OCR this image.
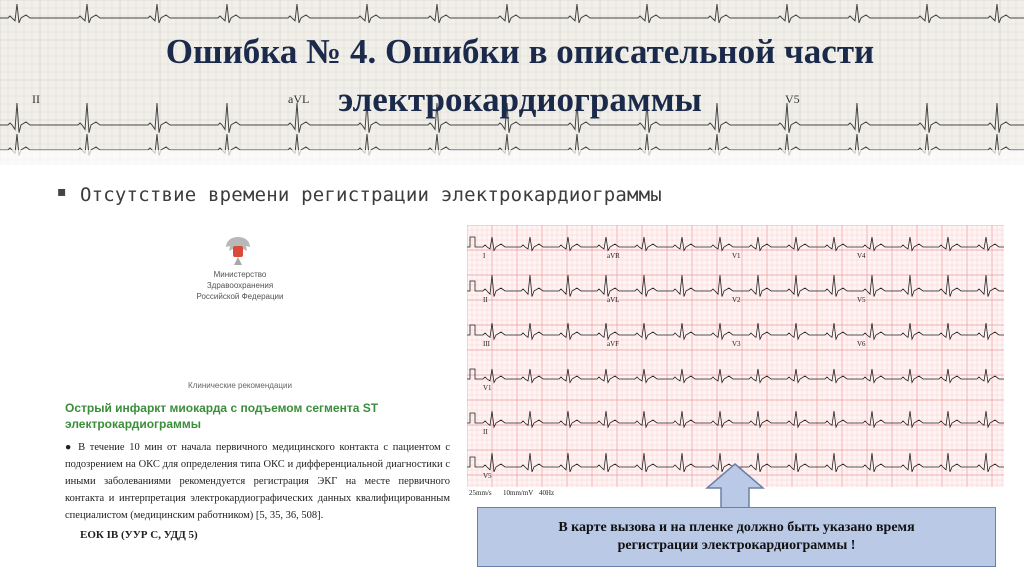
II	aVL	V5
Ошибка № 4. Ошибки в описательной части
электрокардиограммы
▪ Отсутствие времени регистрации электрокардиограммы
Министерство
Здравоохранения
Российской Федерации
Клинические рекомендации
Острый инфаркт миокарда с подъемом сегмента ST электрокардиограммы
● В течение 10 мин от начала первичного медицинского контакта с пациентом с подозрением на ОКС для определения типа ОКС и дифференциальной диагностики с иными заболеваниями рекомендуется регистрация ЭКГ на месте первичного контакта и интерпретация электрокардиографических данных квалифицированным специалистом (медицинским работником) [5, 35, 36, 508].
ЕОК IB (УУР С, УДД 5)
I	aVR	V1	V4
II	aVL	V2	V5
III	aVF	V3	V6
V1
II
V5
25mm/s 10mm/mV 40Hz
В карте вызова и на пленке должно быть указано время
регистрации электрокардиограммы !
